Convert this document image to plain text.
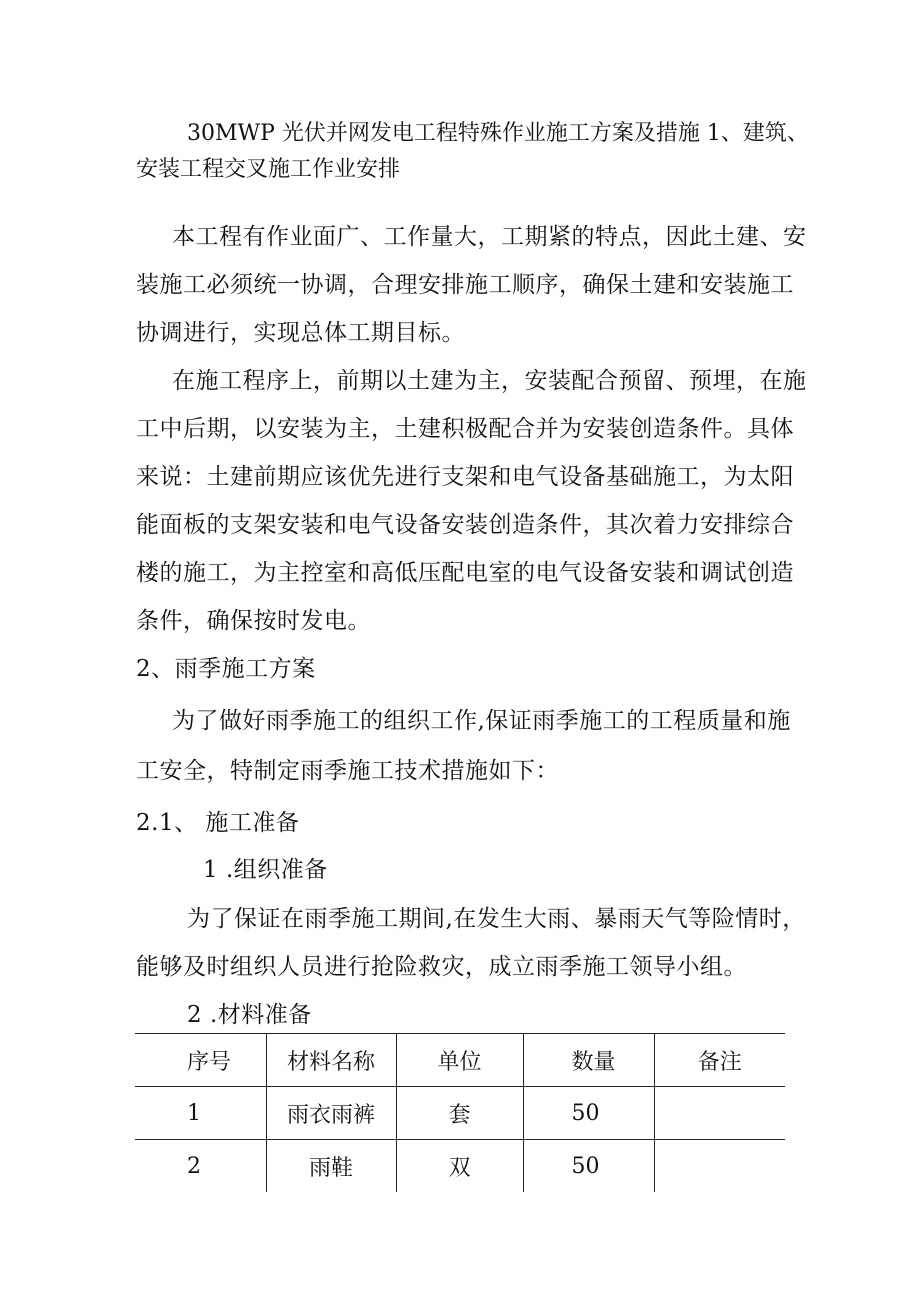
30MWP 光伏并网发电工程特殊作业施工方案及措施 1、建筑、
安装工程交叉施工作业安排
本工程有作业面广、工作量大，工期紧的特点，因此土建、安
装施工必须统一协调，合理安排施工顺序，确保土建和安装施工
协调进行，实现总体工期目标。
在施工程序上，前期以土建为主，安装配合预留、预埋，在施
工中后期，以安装为主，土建积极配合并为安装创造条件。具体
来说：土建前期应该优先进行支架和电气设备基础施工，为太阳
能面板的支架安装和电气设备安装创造条件，其次着力安排综合
楼的施工，为主控室和高低压配电室的电气设备安装和调试创造
条件，确保按时发电。
2、雨季施工方案
为了做好雨季施工的组织工作,保证雨季施工的工程质量和施
工安全，特制定雨季施工技术措施如下：
2.1、 施工准备
1 .组织准备
为了保证在雨季施工期间,在发生大雨、暴雨天气等险情时，
能够及时组织人员进行抢险救灾，成立雨季施工领导小组。
2 .材料准备
序号	材料名称	单位	数量	备注
1	雨衣雨裤	套	50	
2	雨鞋	双	50	
